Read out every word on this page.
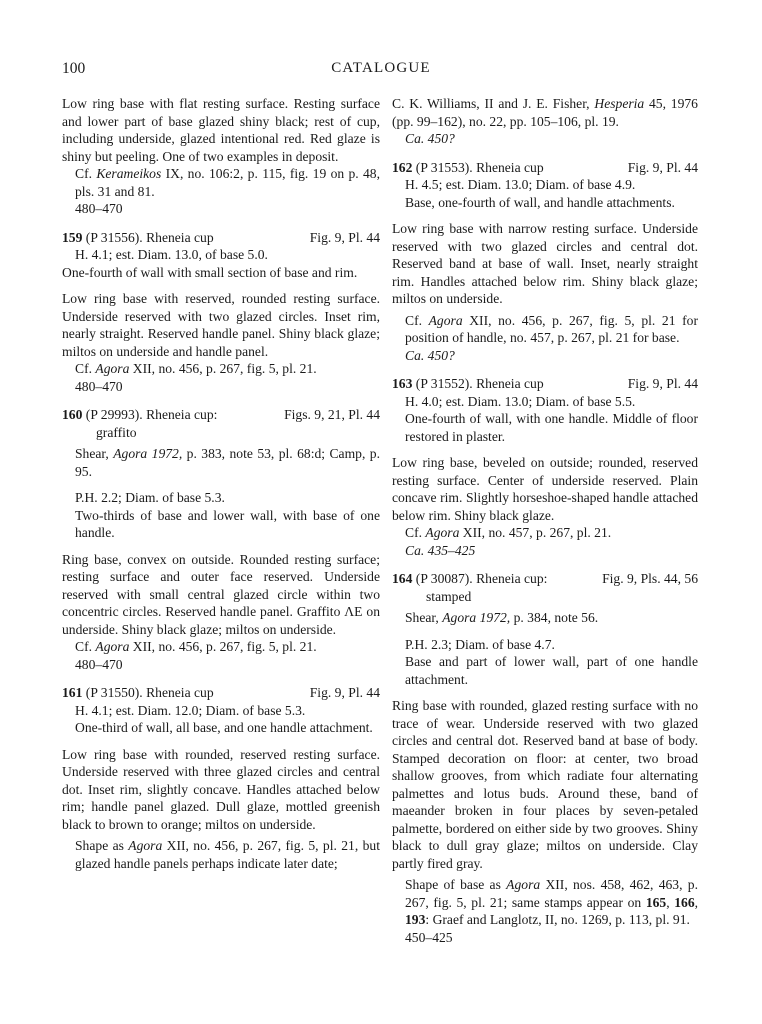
100	CATALOGUE

Low ring base with flat resting surface. Resting surface and lower part of base glazed shiny black; rest of cup, including underside, glazed intentional red. Red glaze is shiny but peeling. One of two examples in deposit.

Cf. Kerameikos IX, no. 106:2, p. 115, fig. 19 on p. 48, pls. 31 and 81.

480–470

159 (P 31556). Rheneia cup	Fig. 9, Pl. 44

H. 4.1; est. Diam. 13.0, of base 5.0.

One-fourth of wall with small section of base and rim.

Low ring base with reserved, rounded resting surface. Underside reserved with two glazed circles. Inset rim, nearly straight. Reserved handle panel. Shiny black glaze; miltos on underside and handle panel.

Cf. Agora XII, no. 456, p. 267, fig. 5, pl. 21.

480–470

160 (P 29993). Rheneia cup:	Figs. 9, 21, Pl. 44

graffito

Shear, Agora 1972, p. 383, note 53, pl. 68:d; Camp, p. 95.

P.H. 2.2; Diam. of base 5.3.

Two-thirds of base and lower wall, with base of one handle.

Ring base, convex on outside. Rounded resting surface; resting surface and outer face reserved. Underside reserved with small central glazed circle within two concentric circles. Reserved handle panel. Graffito ΛΕ on underside. Shiny black glaze; miltos on underside.

Cf. Agora XII, no. 456, p. 267, fig. 5, pl. 21.

480–470

161 (P 31550). Rheneia cup	Fig. 9, Pl. 44

H. 4.1; est. Diam. 12.0; Diam. of base 5.3.

One-third of wall, all base, and one handle attachment.

Low ring base with rounded, reserved resting surface. Underside reserved with three glazed circles and central dot. Inset rim, slightly concave. Handles attached below rim; handle panel glazed. Dull glaze, mottled greenish black to brown to orange; miltos on underside.

Shape as Agora XII, no. 456, p. 267, fig. 5, pl. 21, but glazed handle panels perhaps indicate later date;

C. K. Williams, II and J. E. Fisher, Hesperia 45, 1976 (pp. 99–162), no. 22, pp. 105–106, pl. 19.

Ca. 450?

162 (P 31553). Rheneia cup	Fig. 9, Pl. 44

H. 4.5; est. Diam. 13.0; Diam. of base 4.9.

Base, one-fourth of wall, and handle attachments.

Low ring base with narrow resting surface. Underside reserved with two glazed circles and central dot. Reserved band at base of wall. Inset, nearly straight rim. Handles attached below rim. Shiny black glaze; miltos on underside.

Cf. Agora XII, no. 456, p. 267, fig. 5, pl. 21 for position of handle, no. 457, p. 267, pl. 21 for base.

Ca. 450?

163 (P 31552). Rheneia cup	Fig. 9, Pl. 44

H. 4.0; est. Diam. 13.0; Diam. of base 5.5.

One-fourth of wall, with one handle. Middle of floor restored in plaster.

Low ring base, beveled on outside; rounded, reserved resting surface. Center of underside reserved. Plain concave rim. Slightly horseshoe-shaped handle attached below rim. Shiny black glaze.

Cf. Agora XII, no. 457, p. 267, pl. 21.

Ca. 435–425

164 (P 30087). Rheneia cup:	Fig. 9, Pls. 44, 56

stamped

Shear, Agora 1972, p. 384, note 56.

P.H. 2.3; Diam. of base 4.7.

Base and part of lower wall, part of one handle attachment.

Ring base with rounded, glazed resting surface with no trace of wear. Underside reserved with two glazed circles and central dot. Reserved band at base of body. Stamped decoration on floor: at center, two broad shallow grooves, from which radiate four alternating palmettes and lotus buds. Around these, band of maeander broken in four places by seven-petaled palmette, bordered on either side by two grooves. Shiny black to dull gray glaze; miltos on underside. Clay partly fired gray.

Shape of base as Agora XII, nos. 458, 462, 463, p. 267, fig. 5, pl. 21; same stamps appear on 165, 166, 193: Graef and Langlotz, II, no. 1269, p. 113, pl. 91.

450–425
